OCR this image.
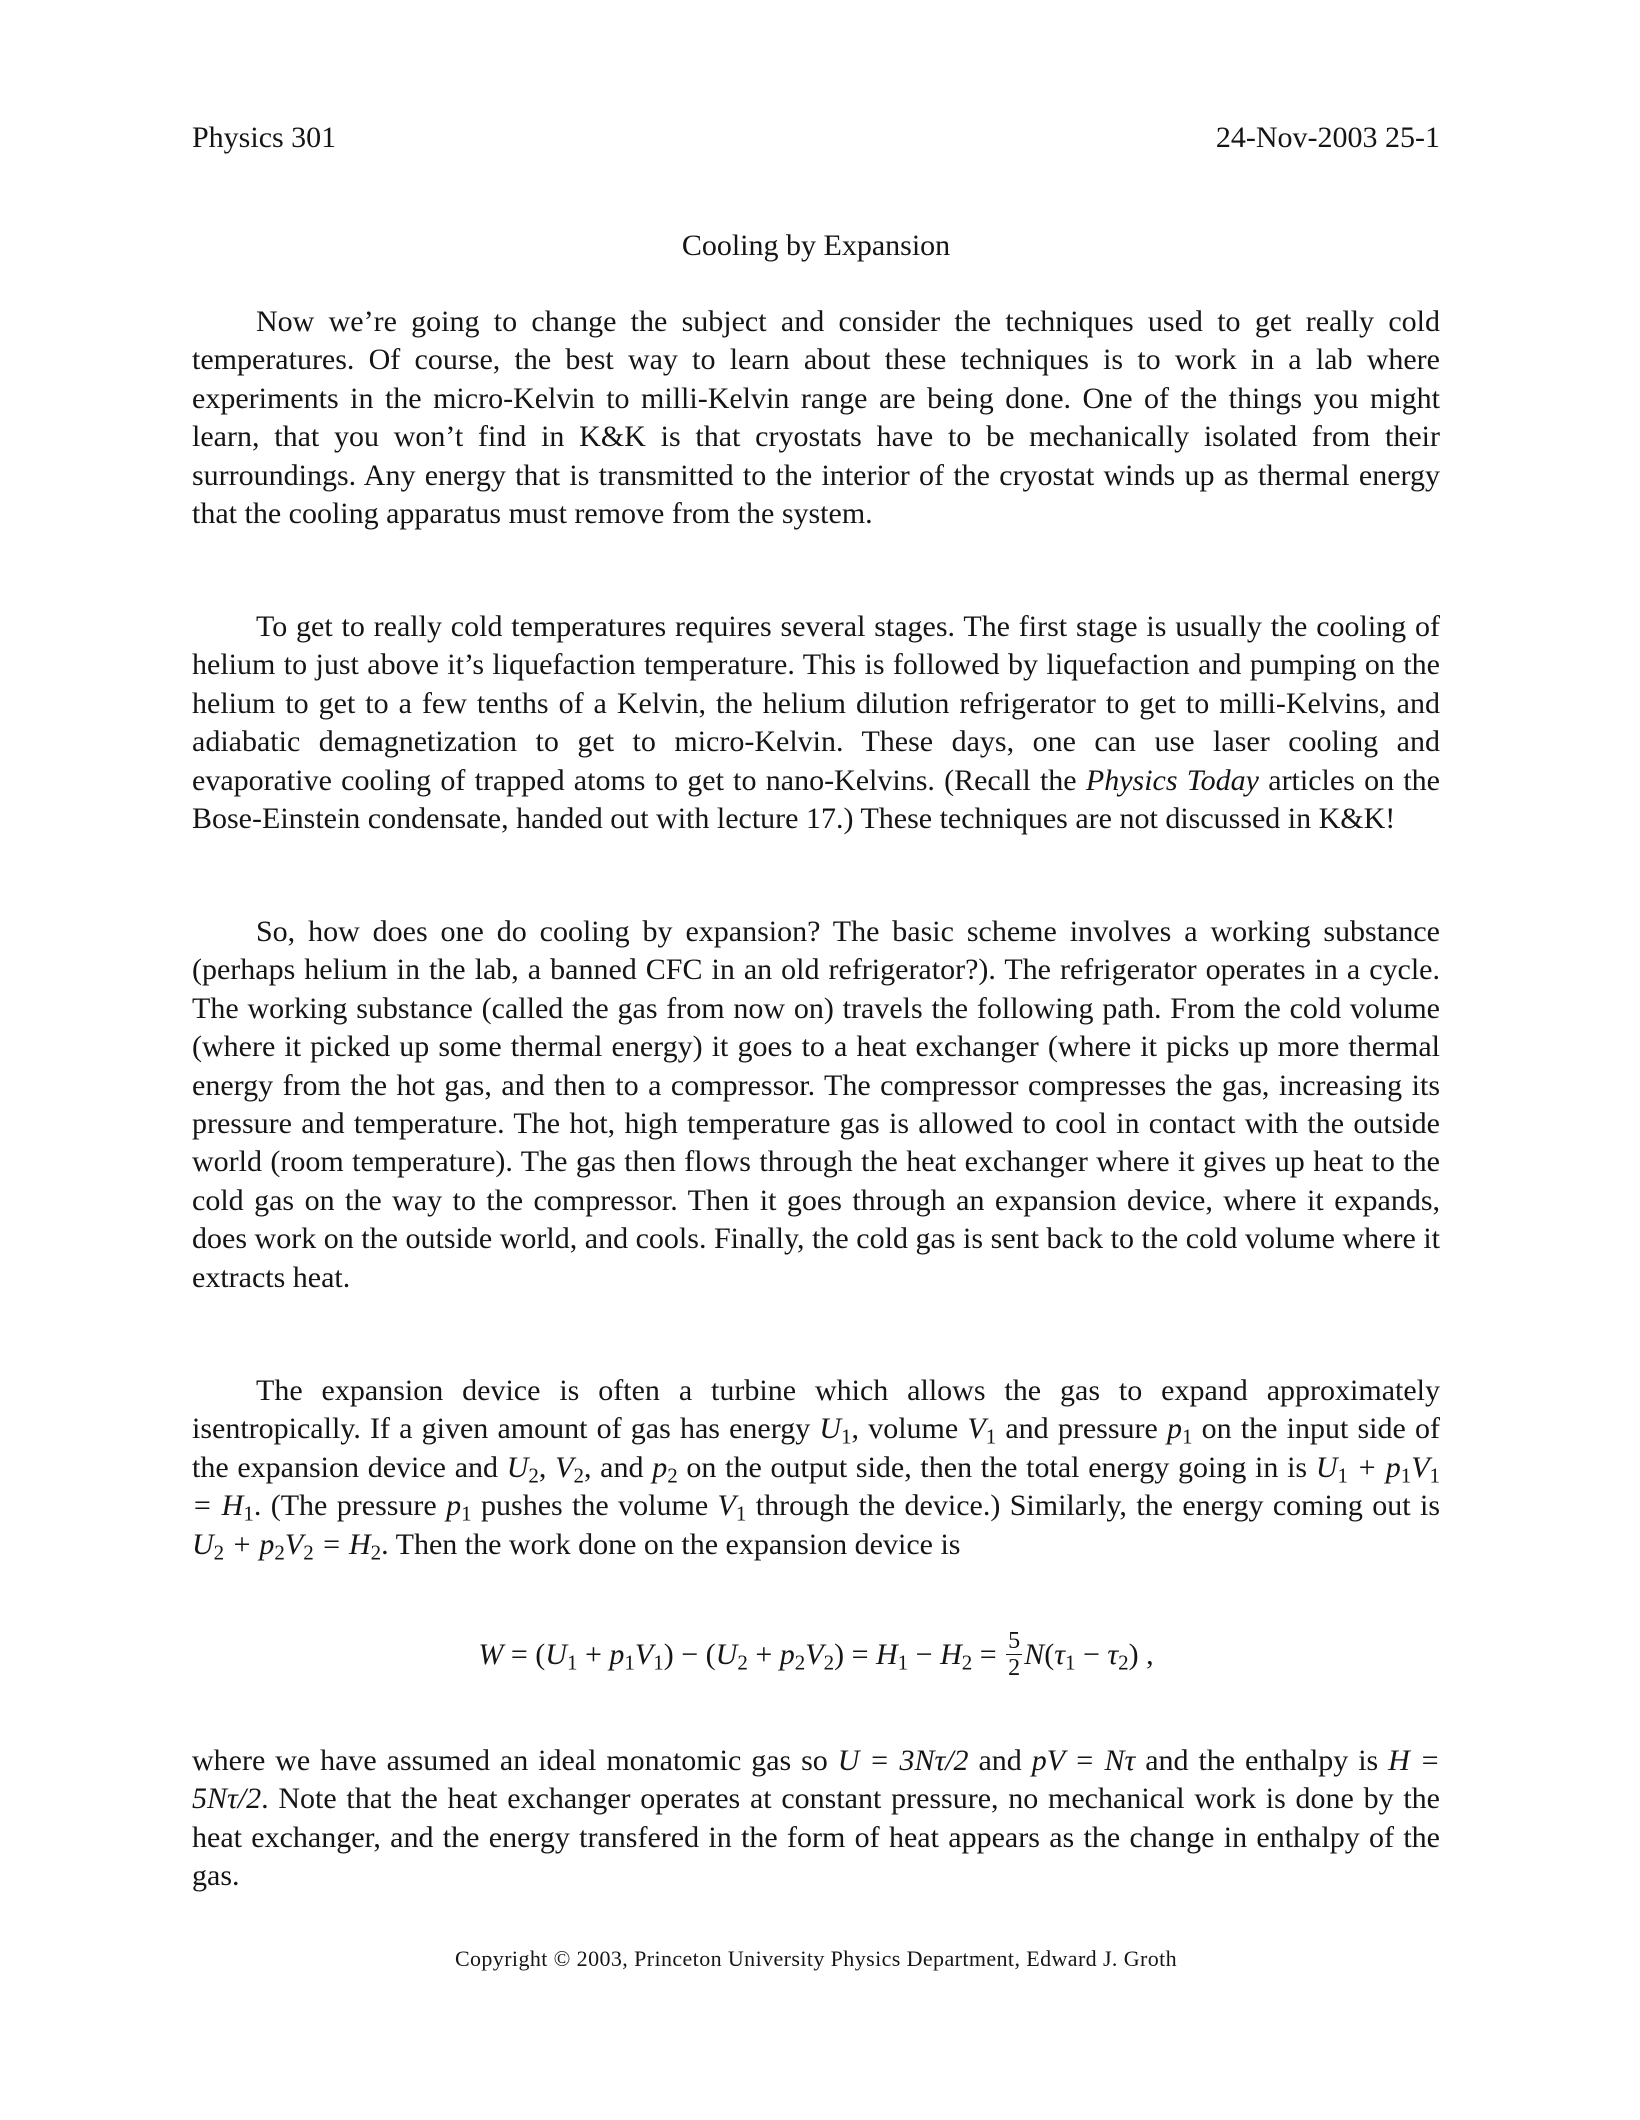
Physics 301	24-Nov-2003 25-1
Cooling by Expansion

Now we’re going to change the subject and consider the techniques used to get really cold temperatures. Of course, the best way to learn about these techniques is to work in a lab where experiments in the micro-Kelvin to milli-Kelvin range are being done. One of the things you might learn, that you won’t find in K&K is that cryostats have to be mechanically isolated from their surroundings. Any energy that is transmitted to the interior of the cryostat winds up as thermal energy that the cooling apparatus must remove from the system.

To get to really cold temperatures requires several stages. The first stage is usually the cooling of helium to just above it’s liquefaction temperature. This is followed by liquefaction and pumping on the helium to get to a few tenths of a Kelvin, the helium dilution refrigerator to get to milli-Kelvins, and adiabatic demagnetization to get to micro-Kelvin. These days, one can use laser cooling and evaporative cooling of trapped atoms to get to nano-Kelvins. (Recall the Physics Today articles on the Bose-Einstein condensate, handed out with lecture 17.) These techniques are not discussed in K&K!

So, how does one do cooling by expansion? The basic scheme involves a working substance (perhaps helium in the lab, a banned CFC in an old refrigerator?). The refrigerator operates in a cycle. The working substance (called the gas from now on) travels the following path. From the cold volume (where it picked up some thermal energy) it goes to a heat exchanger (where it picks up more thermal energy from the hot gas, and then to a compressor. The compressor compresses the gas, increasing its pressure and temperature. The hot, high temperature gas is allowed to cool in contact with the outside world (room temperature). The gas then flows through the heat exchanger where it gives up heat to the cold gas on the way to the compressor. Then it goes through an expansion device, where it expands, does work on the outside world, and cools. Finally, the cold gas is sent back to the cold volume where it extracts heat.

The expansion device is often a turbine which allows the gas to expand approximately isentropically. If a given amount of gas has energy $U_1$, volume $V_1$ and pressure $p_1$ on the input side of the expansion device and $U_2$, $V_2$, and $p_2$ on the output side, then the total energy going in is $U_1 + p_1V_1 = H_1$. (The pressure $p_1$ pushes the volume $V_1$ through the device.) Similarly, the energy coming out is $U_2 + p_2V_2 = H_2$. Then the work done on the expansion device is

$W = (U_1 + p_1V_1) - (U_2 + p_2V_2) = H_1 - H_2 = \frac{5}{2} N(\tau_1 - \tau_2)$ ,

where we have assumed an ideal monatomic gas so U = 3Nτ/2 and pV = Nτ and the enthalpy is H = 5Nτ/2. Note that the heat exchanger operates at constant pressure, no mechanical work is done by the heat exchanger, and the energy transfered in the form of heat appears as the change in enthalpy of the gas.

Copyright © 2003, Princeton University Physics Department, Edward J. Groth
